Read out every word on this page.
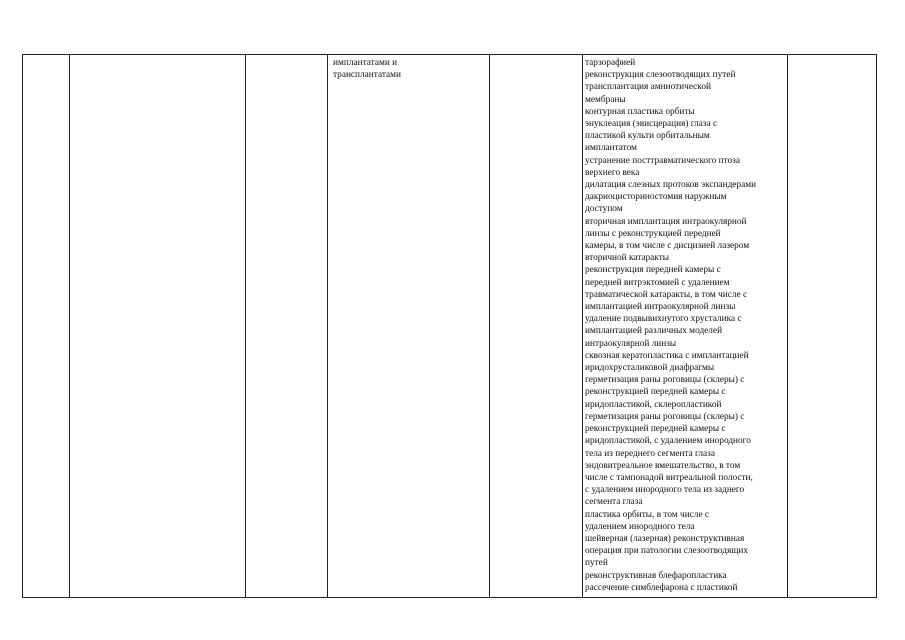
имплантатами и
трансплантатами
тарзорафией
реконструкция слезоотводящих путей
трансплантация амниотической
мембраны
контурная пластика орбиты
энуклеация (эвисцерация) глаза с
пластикой культи орбитальным
имплантатом
устранение посттравматического птоза
верхнего века
дилатация слезных протоков экспандерами
дакриоцисториностомия наружным
доступом
вторичная имплантация интраокулярной
линзы с реконструкцией передней
камеры, в том числе с дисцизией лазером
вторичной катаракты
реконструкция передней камеры с
передней витрэктомией с удалением
травматической катаракты, в том числе с
имплантацией интраокулярной линзы
удаление подвывихнутого хрусталика с
имплантацией различных моделей
интраокулярной линзы
сквозная кератопластика с имплантацией
иридохрусталиковой диафрагмы
герметизация раны роговицы (склеры) с
реконструкцией передней камеры с
иридопластикой, склеропластикой
герметизация раны роговицы (склеры) с
реконструкцией передней камеры с
иридопластикой, с удалением инородного
тела из переднего сегмента глаза
эндовитреальное вмешательство, в том
числе с тампонадой витреальной полости,
с удалением инородного тела из заднего
сегмента глаза
пластика орбиты, в том числе с
удалением инородного тела
шейверная (лазерная) реконструктивная
операция при патологии слезоотводящих
путей
реконструктивная блефаропластика
рассечение симблефарона с пластикой
